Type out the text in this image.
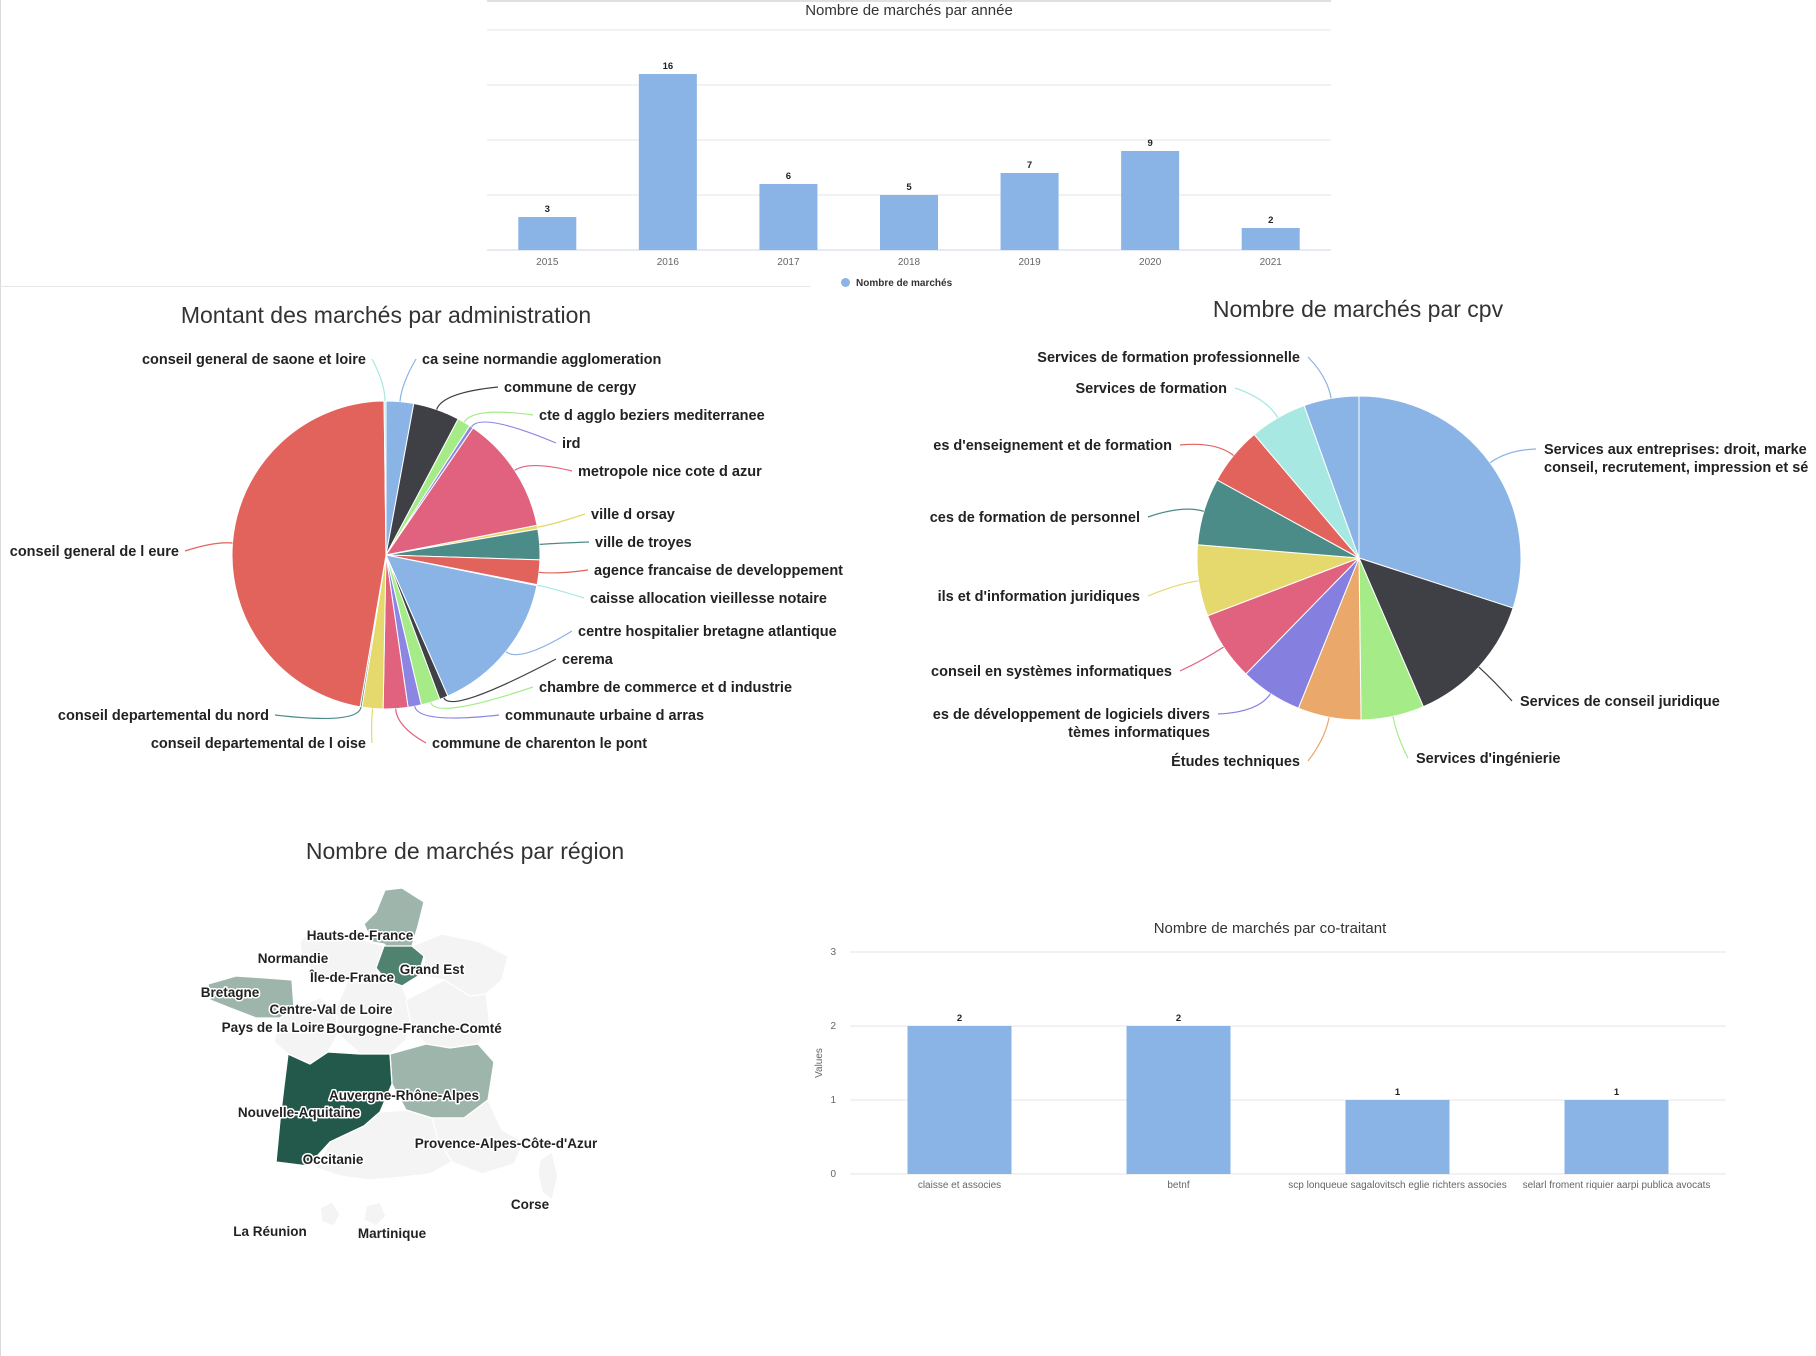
Nombre de marchés par année
3
2015
16
2016
6
2017
5
2018
7
2019
9
2020
2
2021
Nombre de marchés
Montant des marchés par administration
ca seine normandie agglomeration
commune de cergy
cte d agglo beziers mediterranee
ird
metropole nice cote d azur
ville d orsay
ville de troyes
agence francaise de developpement
caisse allocation vieillesse notaire
centre hospitalier bretagne atlantique
cerema
chambre de commerce et d industrie
communaute urbaine d arras
commune de charenton le pont
conseil departemental de l oise
conseil departemental du nord
conseil general de l eure
conseil general de saone et loire
Nombre de marchés par cpv
Services aux entreprises: droit, marke
conseil, recrutement, impression et sé
Services de conseil juridique
Services d'ingénierie
Études techniques
es de développement de logiciels divers
tèmes informatiques
conseil en systèmes informatiques
ils et d'information juridiques
ces de formation de personnel
es d'enseignement et de formation
Services de formation
Services de formation professionnelle
Nombre de marchés par région
Hauts-de-France
Normandie
Île-de-France
Grand Est
Bretagne
Centre-Val de Loire
Pays de la Loire Bourgogne-Franche-Comté
Auvergne-Rhône-Alpes
Nouvelle-Aquitaine
Provence-Alpes-Côte-d'Azur
Occitanie
Corse
La Réunion	Martinique
Nombre de marchés par co-traitant
0
1
2
3
Values
2
claisse et associes
2
betnf
1
scp lonqueue sagalovitsch eglie richters associes
1
selarl froment riquier aarpi publica avocats
